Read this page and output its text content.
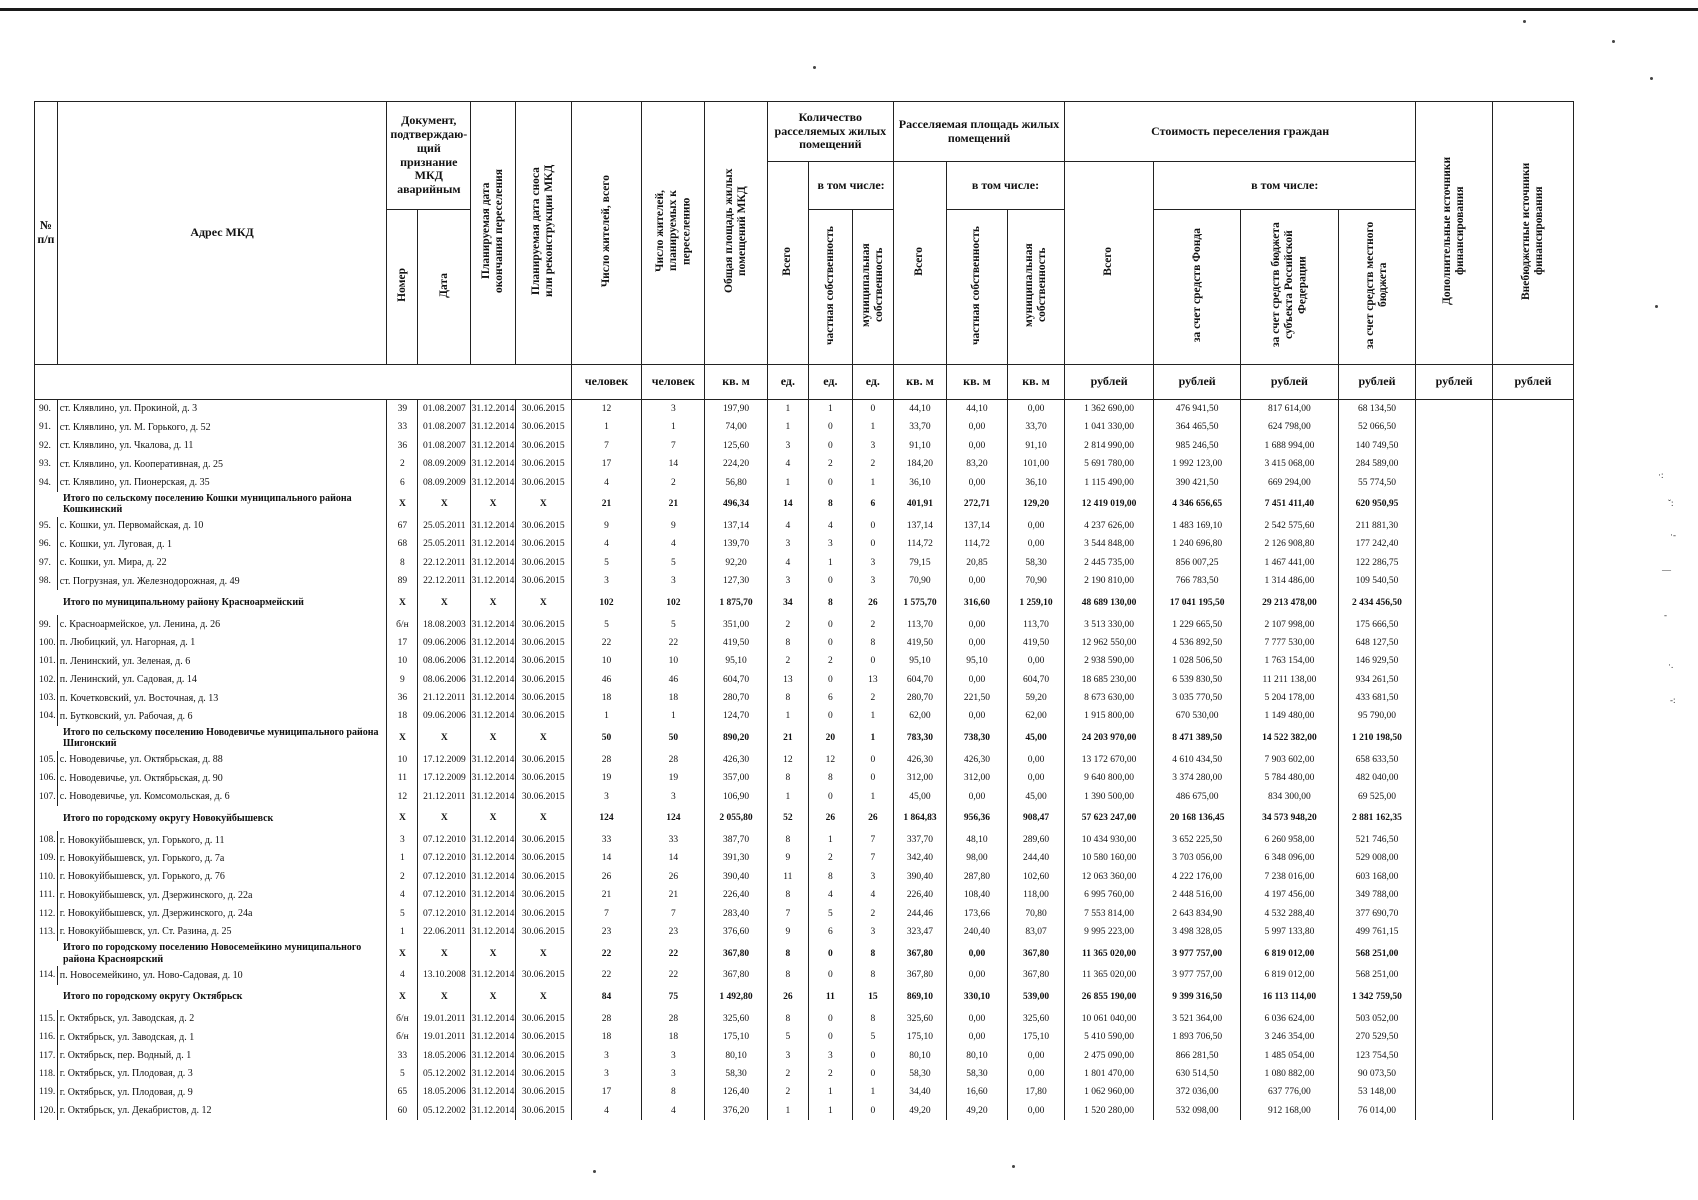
·:
ˇ:
·-
—
-
·.
-:
№ п/п	Адрес МКД	Документ, подтверждаю-щий признание МКД аварийным		Планируемая дата окончания переселения	Планируемая дата сноса или реконструкции МКД	Число жителей, всего	Число жителей, планируемых к переселению	Общая площадь жилых помещений МКД	Количество расселяемых жилых помещений			Расселяемая площадь жилых помещений			Стоимость переселения граждан				Дополнительные источники финансирования	Внебюджетные источники финансирования
									Всего	в том числе:		Всего	в том числе:		Всего	в том числе:				
		Номер	Дата							частная собственность	муниципальная собственность		частная собственность	муниципальная собственность		за счет средств Фонда	за счет средств бюджета субъекта Российской Федерации	за счет средств местного бюджета		
						человек	человек	кв. м	ед.	ед.	ед.	кв. м	кв. м	кв. м	рублей	рублей	рублей	рублей	рублей	рублей
90.	ст. Клявлино, ул. Прокиной, д. 3	39	01.08.2007	31.12.2014	30.06.2015	12	3	197,90	1	1	0	44,10	44,10	0,00	1 362 690,00	476 941,50	817 614,00	68 134,50		
91.	ст. Клявлино, ул. М. Горького, д. 52	33	01.08.2007	31.12.2014	30.06.2015	1	1	74,00	1	0	1	33,70	0,00	33,70	1 041 330,00	364 465,50	624 798,00	52 066,50		
92.	ст. Клявлино, ул. Чкалова, д. 11	36	01.08.2007	31.12.2014	30.06.2015	7	7	125,60	3	0	3	91,10	0,00	91,10	2 814 990,00	985 246,50	1 688 994,00	140 749,50		
93.	ст. Клявлино, ул. Кооперативная, д. 25	2	08.09.2009	31.12.2014	30.06.2015	17	14	224,20	4	2	2	184,20	83,20	101,00	5 691 780,00	1 992 123,00	3 415 068,00	284 589,00		
94.	ст. Клявлино, ул. Пионерская, д. 35	6	08.09.2009	31.12.2014	30.06.2015	4	2	56,80	1	0	1	36,10	0,00	36,10	1 115 490,00	390 421,50	669 294,00	55 774,50		
Итого по сельскому поселению Кошки муниципального района Кошкинский		X	X	X	X	21	21	496,34	14	8	6	401,91	272,71	129,20	12 419 019,00	4 346 656,65	7 451 411,40	620 950,95		
95.	с. Кошки, ул. Первомайская, д. 10	67	25.05.2011	31.12.2014	30.06.2015	9	9	137,14	4	4	0	137,14	137,14	0,00	4 237 626,00	1 483 169,10	2 542 575,60	211 881,30		
96.	с. Кошки, ул. Луговая, д. 1	68	25.05.2011	31.12.2014	30.06.2015	4	4	139,70	3	3	0	114,72	114,72	0,00	3 544 848,00	1 240 696,80	2 126 908,80	177 242,40		
97.	с. Кошки, ул. Мира, д. 22	8	22.12.2011	31.12.2014	30.06.2015	5	5	92,20	4	1	3	79,15	20,85	58,30	2 445 735,00	856 007,25	1 467 441,00	122 286,75		
98.	ст. Погрузная, ул. Железнодорожная, д. 49	89	22.12.2011	31.12.2014	30.06.2015	3	3	127,30	3	0	3	70,90	0,00	70,90	2 190 810,00	766 783,50	1 314 486,00	109 540,50		
Итого по муниципальному району Красноармейский		X	X	X	X	102	102	1 875,70	34	8	26	1 575,70	316,60	1 259,10	48 689 130,00	17 041 195,50	29 213 478,00	2 434 456,50		
99.	с. Красноармейское, ул. Ленина, д. 26	б/н	18.08.2003	31.12.2014	30.06.2015	5	5	351,00	2	0	2	113,70	0,00	113,70	3 513 330,00	1 229 665,50	2 107 998,00	175 666,50		
100.	п. Любицкий, ул. Нагорная, д. 1	17	09.06.2006	31.12.2014	30.06.2015	22	22	419,50	8	0	8	419,50	0,00	419,50	12 962 550,00	4 536 892,50	7 777 530,00	648 127,50		
101.	п. Ленинский, ул. Зеленая, д. 6	10	08.06.2006	31.12.2014	30.06.2015	10	10	95,10	2	2	0	95,10	95,10	0,00	2 938 590,00	1 028 506,50	1 763 154,00	146 929,50		
102.	п. Ленинский, ул. Садовая, д. 14	9	08.06.2006	31.12.2014	30.06.2015	46	46	604,70	13	0	13	604,70	0,00	604,70	18 685 230,00	6 539 830,50	11 211 138,00	934 261,50		
103.	п. Кочетковский, ул. Восточная, д. 13	36	21.12.2011	31.12.2014	30.06.2015	18	18	280,70	8	6	2	280,70	221,50	59,20	8 673 630,00	3 035 770,50	5 204 178,00	433 681,50		
104.	п. Бутковский, ул. Рабочая, д. 6	18	09.06.2006	31.12.2014	30.06.2015	1	1	124,70	1	0	1	62,00	0,00	62,00	1 915 800,00	670 530,00	1 149 480,00	95 790,00		
Итого по сельскому поселению Новодевичье муниципального района Шигонский		X	X	X	X	50	50	890,20	21	20	1	783,30	738,30	45,00	24 203 970,00	8 471 389,50	14 522 382,00	1 210 198,50		
105.	с. Новодевичье, ул. Октябрьская, д. 88	10	17.12.2009	31.12.2014	30.06.2015	28	28	426,30	12	12	0	426,30	426,30	0,00	13 172 670,00	4 610 434,50	7 903 602,00	658 633,50		
106.	с. Новодевичье, ул. Октябрьская, д. 90	11	17.12.2009	31.12.2014	30.06.2015	19	19	357,00	8	8	0	312,00	312,00	0,00	9 640 800,00	3 374 280,00	5 784 480,00	482 040,00		
107.	с. Новодевичье, ул. Комсомольская, д. 6	12	21.12.2011	31.12.2014	30.06.2015	3	3	106,90	1	0	1	45,00	0,00	45,00	1 390 500,00	486 675,00	834 300,00	69 525,00		
Итого по городскому округу Новокуйбышевск		X	X	X	X	124	124	2 055,80	52	26	26	1 864,83	956,36	908,47	57 623 247,00	20 168 136,45	34 573 948,20	2 881 162,35		
108.	г. Новокуйбышевск, ул. Горького, д. 11	3	07.12.2010	31.12.2014	30.06.2015	33	33	387,70	8	1	7	337,70	48,10	289,60	10 434 930,00	3 652 225,50	6 260 958,00	521 746,50		
109.	г. Новокуйбышевск, ул. Горького, д. 7а	1	07.12.2010	31.12.2014	30.06.2015	14	14	391,30	9	2	7	342,40	98,00	244,40	10 580 160,00	3 703 056,00	6 348 096,00	529 008,00		
110.	г. Новокуйбышевск, ул. Горького, д. 76	2	07.12.2010	31.12.2014	30.06.2015	26	26	390,40	11	8	3	390,40	287,80	102,60	12 063 360,00	4 222 176,00	7 238 016,00	603 168,00		
111.	г. Новокуйбышевск, ул. Дзержинского, д. 22а	4	07.12.2010	31.12.2014	30.06.2015	21	21	226,40	8	4	4	226,40	108,40	118,00	6 995 760,00	2 448 516,00	4 197 456,00	349 788,00		
112.	г. Новокуйбышевск, ул. Дзержинского, д. 24а	5	07.12.2010	31.12.2014	30.06.2015	7	7	283,40	7	5	2	244,46	173,66	70,80	7 553 814,00	2 643 834,90	4 532 288,40	377 690,70		
113.	г. Новокуйбышевск, ул. Ст. Разина, д. 25	1	22.06.2011	31.12.2014	30.06.2015	23	23	376,60	9	6	3	323,47	240,40	83,07	9 995 223,00	3 498 328,05	5 997 133,80	499 761,15		
Итого по городскому поселению Новосемейкино муниципального района Красноярский		X	X	X	X	22	22	367,80	8	0	8	367,80	0,00	367,80	11 365 020,00	3 977 757,00	6 819 012,00	568 251,00		
114.	п. Новосемейкино, ул. Ново-Садовая, д. 10	4	13.10.2008	31.12.2014	30.06.2015	22	22	367,80	8	0	8	367,80	0,00	367,80	11 365 020,00	3 977 757,00	6 819 012,00	568 251,00		
Итого по городскому округу Октябрьск		X	X	X	X	84	75	1 492,80	26	11	15	869,10	330,10	539,00	26 855 190,00	9 399 316,50	16 113 114,00	1 342 759,50		
115.	г. Октябрьск, ул. Заводская, д. 2	б/н	19.01.2011	31.12.2014	30.06.2015	28	28	325,60	8	0	8	325,60	0,00	325,60	10 061 040,00	3 521 364,00	6 036 624,00	503 052,00		
116.	г. Октябрьск, ул. Заводская, д. 1	б/н	19.01.2011	31.12.2014	30.06.2015	18	18	175,10	5	0	5	175,10	0,00	175,10	5 410 590,00	1 893 706,50	3 246 354,00	270 529,50		
117.	г. Октябрьск, пер. Водный, д. 1	33	18.05.2006	31.12.2014	30.06.2015	3	3	80,10	3	3	0	80,10	80,10	0,00	2 475 090,00	866 281,50	1 485 054,00	123 754,50		
118.	г. Октябрьск, ул. Плодовая, д. 3	5	05.12.2002	31.12.2014	30.06.2015	3	3	58,30	2	2	0	58,30	58,30	0,00	1 801 470,00	630 514,50	1 080 882,00	90 073,50		
119.	г. Октябрьск, ул. Плодовая, д. 9	65	18.05.2006	31.12.2014	30.06.2015	17	8	126,40	2	1	1	34,40	16,60	17,80	1 062 960,00	372 036,00	637 776,00	53 148,00		
120.	г. Октябрьск, ул. Декабристов, д. 12	60	05.12.2002	31.12.2014	30.06.2015	4	4	376,20	1	1	0	49,20	49,20	0,00	1 520 280,00	532 098,00	912 168,00	76 014,00		
